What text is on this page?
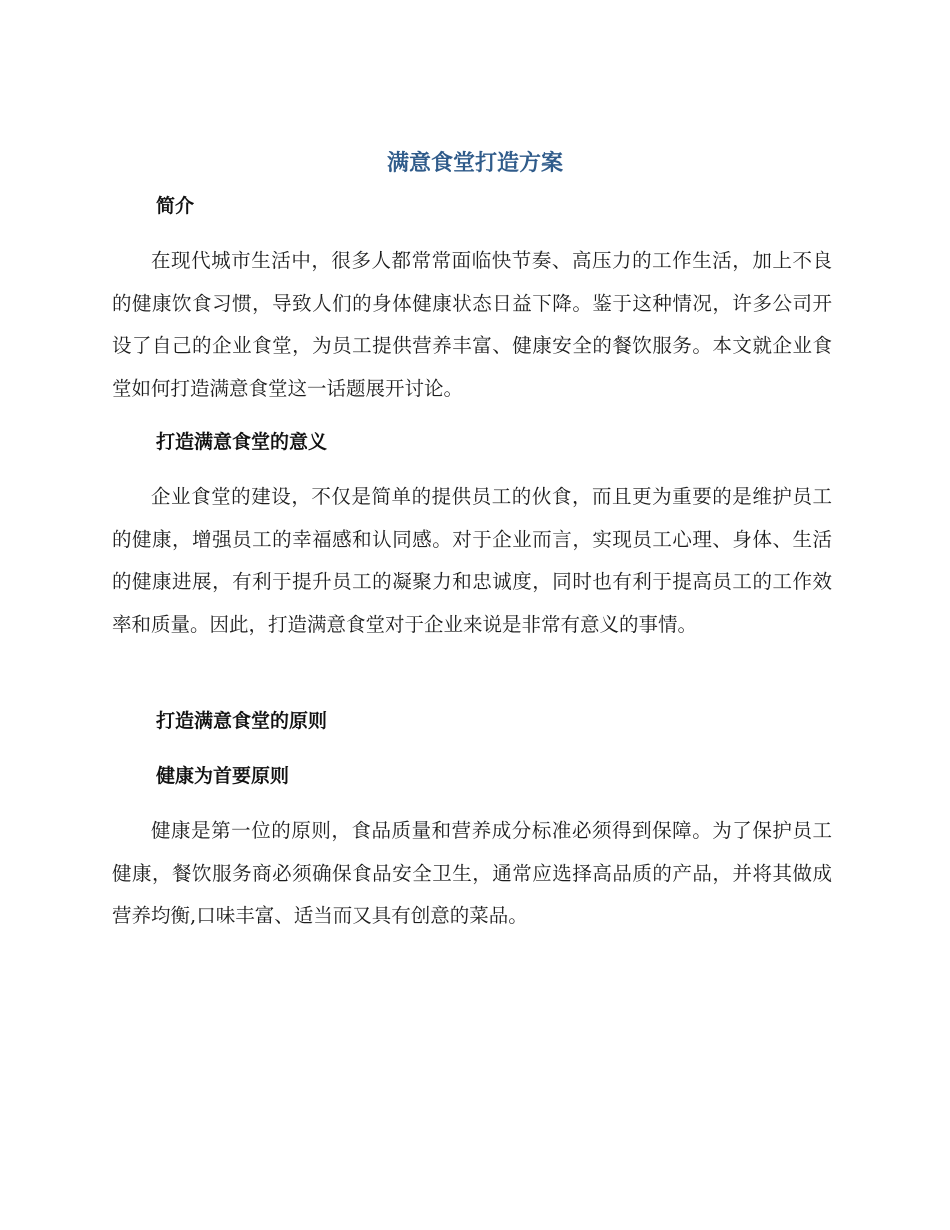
满意食堂打造方案
简介

在现代城市生活中，很多人都常常面临快节奏、高压力的工作生活，加上不良的健康饮食习惯，导致人们的身体健康状态日益下降。鉴于这种情况，许多公司开设了自己的企业食堂，为员工提供营养丰富、健康安全的餐饮服务。本文就企业食堂如何打造满意食堂这一话题展开讨论。

打造满意食堂的意义

企业食堂的建设，不仅是简单的提供员工的伙食，而且更为重要的是维护员工的健康，增强员工的幸福感和认同感。对于企业而言，实现员工心理、身体、生活的健康进展，有利于提升员工的凝聚力和忠诚度，同时也有利于提高员工的工作效率和质量。因此，打造满意食堂对于企业来说是非常有意义的事情。

打造满意食堂的原则
健康为首要原则

健康是第一位的原则，食品质量和营养成分标准必须得到保障。为了保护员工健康，餐饮服务商必须确保食品安全卫生，通常应选择高品质的产品，并将其做成营养均衡,口味丰富、适当而又具有创意的菜品。
